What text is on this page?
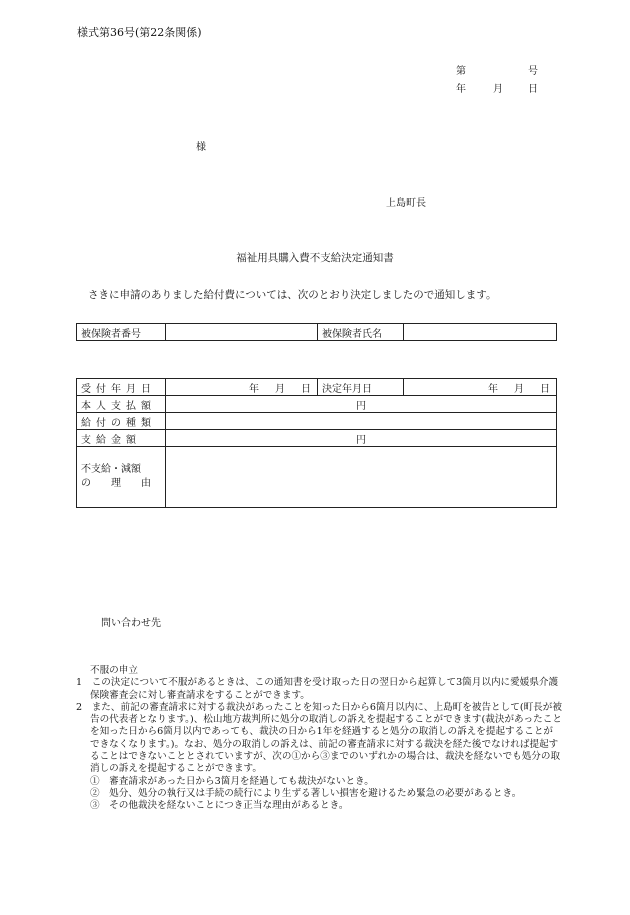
様式第36号(第22条関係)
第	号
年	月	日
様
上島町長
福祉用具購入費不支給決定通知書
さきに申請のありました給付費については、次のとおり決定しましたので通知します。
被保険者番号		被保険者氏名	
受付年月日	年 月 日	決定年月日	年 月 日

本人支払額	円		
給付の種類			
支給金額	円		

不支給・減額
の　　理　　由			

問い合わせ先

不服の申立

1　この決定について不服があるときは、この通知書を受け取った日の翌日から起算して3箇月以内に愛媛県介護保険審査会に対し審査請求をすることができます。

2　また、前記の審査請求に対する裁決があったことを知った日から6箇月以内に、上島町を被告として(町長が被告の代表者となります。)、松山地方裁判所に処分の取消しの訴えを提起することができます(裁決があったことを知った日から6箇月以内であっても、裁決の日から1年を経過すると処分の取消しの訴えを提起することができなくなります。)。なお、処分の取消しの訴えは、前記の審査請求に対する裁決を経た後でなければ提起することはできないこととされていますが、次の①から③までのいずれかの場合は、裁決を経ないでも処分の取消しの訴えを提起することができます。

①　審査請求があった日から3箇月を経過しても裁決がないとき。

②　処分、処分の執行又は手続の続行により生ずる著しい損害を避けるため緊急の必要があるとき。

③　その他裁決を経ないことにつき正当な理由があるとき。
